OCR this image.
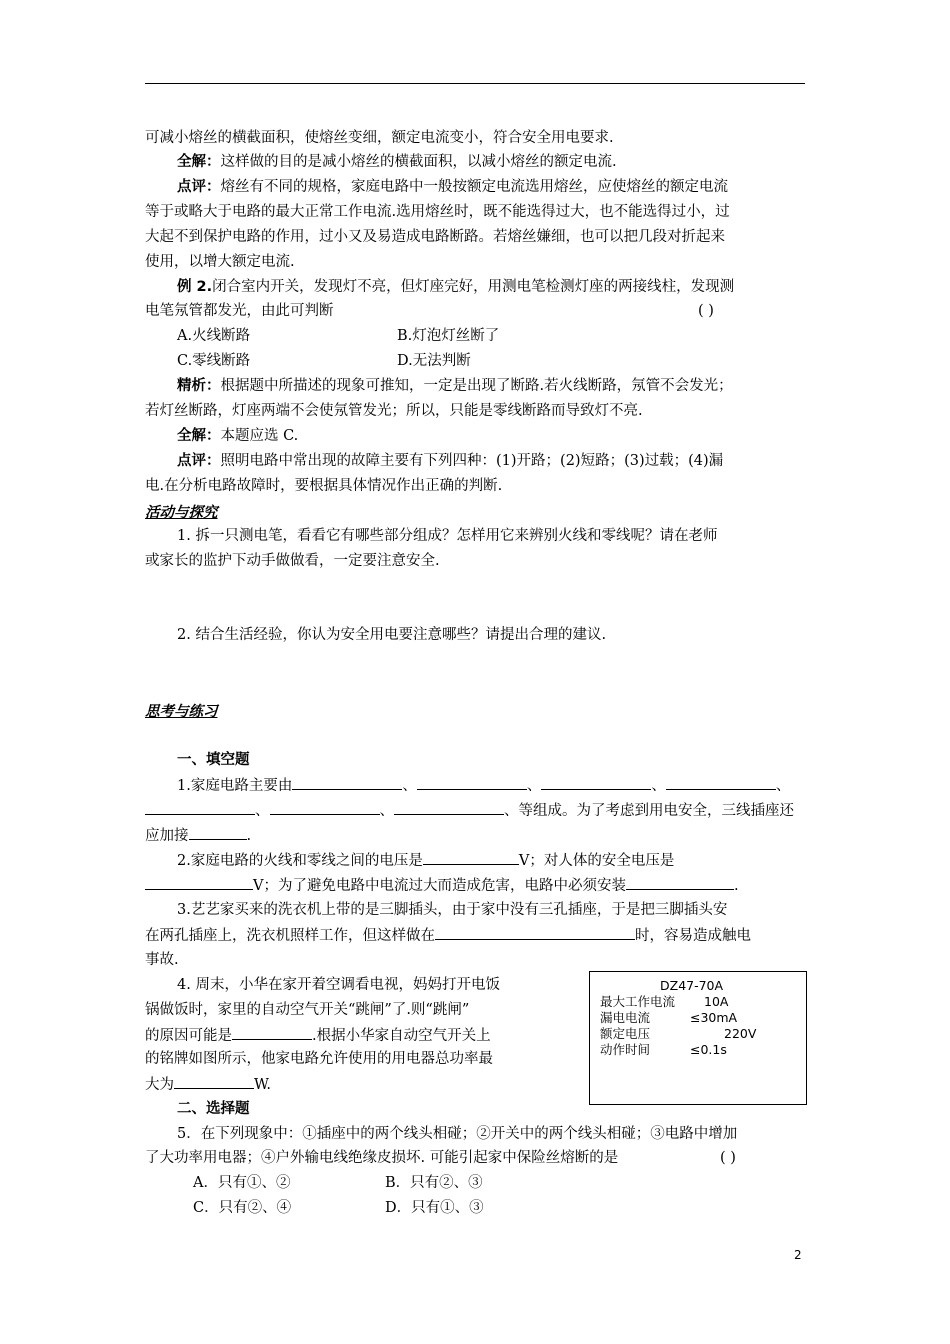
可减小熔丝的横截面积，使熔丝变细，额定电流变小，符合安全用电要求.
全解：这样做的目的是减小熔丝的横截面积，以减小熔丝的额定电流.
点评：熔丝有不同的规格，家庭电路中一般按额定电流选用熔丝，应使熔丝的额定电流
等于或略大于电路的最大正常工作电流.选用熔丝时，既不能选得过大，也不能选得过小，过
大起不到保护电路的作用，过小又及易造成电路断路。若熔丝嫌细，也可以把几段对折起来
使用，以增大额定电流.
例 2.闭合室内开关，发现灯不亮，但灯座完好，用测电笔检测灯座的两接线柱，发现测
电笔氖管都发光，由此可判断	( )
A.火线断路	B.灯泡灯丝断了
C.零线断路	D.无法判断
精析：根据题中所描述的现象可推知，一定是出现了断路.若火线断路，氖管不会发光；
若灯丝断路，灯座两端不会使氖管发光；所以，只能是零线断路而导致灯不亮.
全解：本题应选 C.
点评：照明电路中常出现的故障主要有下列四种：(1)开路；(2)短路；(3)过载；(4)漏
电.在分析电路故障时，要根据具体情况作出正确的判断.
活动与探究
1. 拆一只测电笔，看看它有哪些部分组成？怎样用它来辨别火线和零线呢？请在老师
或家长的监护下动手做做看，一定要注意安全.
2. 结合生活经验，你认为安全用电要注意哪些？请提出合理的建议.
思考与练习
一、填空题
1.家庭电路主要由	、	、	、	、
、	、	、等组成。为了考虑到用电安全，三线插座还
应加接	.
2.家庭电路的火线和零线之间的电压是	V；对人体的安全电压是
V；为了避免电路中电流过大而造成危害，电路中必须安装	.
3.艺艺家买来的洗衣机上带的是三脚插头，由于家中没有三孔插座，于是把三脚插头安
在两孔插座上，洗衣机照样工作，但这样做在	时，容易造成触电
事故.
4. 周末，小华在家开着空调看电视，妈妈打开电饭
锅做饭时，家里的自动空气开关“跳闸”了.则“跳闸”
的原因可能是	.根据小华家自动空气开关上
的铭牌如图所示，他家电路允许使用的用电器总功率最
大为	W.
DZ47-70A
最大工作电流 10A
漏电电流	≤30mA
额定电压	220V
动作时间	≤0.1s
二、选择题
5．在下列现象中：①插座中的两个线头相碰；②开关中的两个线头相碰；③电路中增加
了大功率用电器；④户外输电线绝缘皮损坏. 可能引起家中保险丝熔断的是	( )
A．只有①、②	B．只有②、③
C．只有②、④	D．只有①、③
2
